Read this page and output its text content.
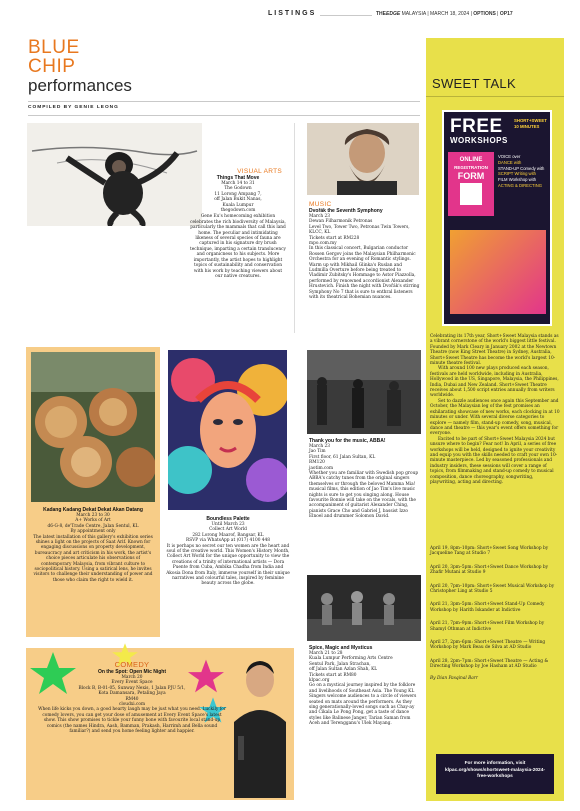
LISTINGS	THEEDGE MALAYSIA | MARCH 18, 2024 | OPTIONS | OP17
BLUE
CHIP
performances
COMPILED BY GENIE LEONG
VISUAL ARTS
Things That Move
March 14 to 31
The Godown
11 Lorong Ampang 7,
off Jalan Bukit Nanas,
Kuala Lumpur
thegodown.com

Gene Eu's homecoming exhibition celebrates the rich biodiversity of Malaysia, particularly the mammals that call this land home. The peculiar and intimidating likeness of several species of fauna are captured in his signature dry brush technique, imparting a certain translucency and organicness to his subjects. More importantly, the artist hopes to highlight topics of sustainability and conservation with his work by teaching viewers about our native creatures.

MUSIC
Dvořák the Seventh Symphony
March 23
Dewan Filharmonik Petronas
Level Two, Tower Two, Petronas Twin Towers,
KLCC, KL
Tickets start at RM228
mpo.com.my

In this classical concert, Bulgarian conductor Rossen Gergov joins the Malaysian Philharmonic Orchestra for an evening of Romantic stylings. Warm up with Mikhail Glinka's Ruslan and Ludmilla Overture before being treated to Vladimir Zubitsky's Hommage to Astor Piazzolla, performed by renowned accordionist Alexander Hrustevich. Finish the night with Dvořák's stirring Symphony No 7 that is sure to enthral listeners with its theatrical Bohemian nuances.

Kadang Kadang Dekat Dekat Akan Datang
March 23 to 30
A+ Works of Art
d6-G-8, de'Trade Centre, Jalan Sentul, KL
By appointment only

The latest installation of this gallery's exhibition series shines a light on the projects of Saat Arif. Known for engaging discussions on property development, bureaucracy and art criticism in his work, the artist's choice pieces articulate his observations of contemporary Malaysia, from vibrant culture to sociopolitical history. Using a satirical lens, he invites visitors to challenge their understanding of power and those who claim the right to wield it.

Boundless Palette
Until March 23
Collect Art World
282 Lorong Maarof, Bangsar, KL
RSVP via WhatsApp at (017) 4100 448

It is perhaps no secret our ten women are the heart and soul of the creative world. This Women's History Month, Collect Art World for the unique opportunity to view the creations of a trinity of international artists — Dora Puente from Cuba, Ambika Chadha from India and Akosia Dona from Italy, immerse yourself in their unique narratives and colourful tales, inspired by feminine beauty across the globe.

Thank you for the music, ABBA!
March 23
Jao Tim
First floor, 61 Jalan Sultan, KL
RM120
jaotim.com

Whether you are familiar with Swedish pop group ABBA's catchy tunes from the original singers themselves or through the beloved Mamma Mia! musical films, this edition of Jao Tim's live music nights is sure to get you singing along. House favourite Bonnie will take on the vocals, with the accompaniment of guitarist Alexander Ching, pianists Grace Cho and Gabriel J, bassist Izzo Elnoel and drummer Solomon David.

COMEDY
On the Spot: Open Mic Night
March 20
Every Event Space
Block B, B-01-05, Sunway Nexis, 1 Jalan PJU 5/1,
Kota Damansara, Petaling Jaya
RM40
cloudxi.com

When life kicks you down, a good hearty laugh may be just what you need. Luckily for comedy lovers, you can get your dose of amusement at Every Event Space's latest show. This show promises to tickle your funny bone with favourite local stand-up comics (the names Hindra, Aash, Bamman, Prakash, Harrimh and Bella sound familiar?) and send you home feeling lighter and happier.

Spice, Magic and Mysticus
March 21 to 28
Kuala Lumpur Performing Arts Centre
Sentul Park, Jalan Strachan,
off Jalan Sultan Azlan Shah, KL
Tickets start at RM80
klpac.org

Go on a mystical journey inspired by the folklore and livelihoods of Southeast Asia. The Young KL Singers welcome audiences to a circle of viewers seated on mats around the performers. As they sing generationally-loved songs such as Chay-ay and Cikala Le Pong Pong, get a taste of dance styles like Balinese Janger, Tarian Saman from Aceh and Terengganu's Ulek Mayang.

SWEET TALK
FREE
WORKSHOPS
SHORT+SWEET
10 MINUTES
ONLINE
REGISTRATION
FORM
VOICE over
DANCE with
STAND-UP Comedy with
SCRIPT Writing with
FILM Workshop with
ACTING & DIRECTING

Celebrating its 17th year, Short+Sweet Malaysia stands as a vibrant cornerstone of the world's biggest little festival. Founded by Mark Cleary in January 2002 at the Newtown Theatre (now King Street Theatre) in Sydney, Australia, Short+Sweet Theatre has become the world's largest 10-minute theatre festival.

With around 100 new plays produced each season, festivals are held worldwide, including in Australia, Hollywood in the US, Singapore, Malaysia, the Philippines, India, Dubai and New Zealand. Short+Sweet Theatre receives about 1,500 script entries annually from writers worldwide.

Set to dazzle audiences once again this September and October, the Malaysian leg of the fest promises an exhilarating showcase of new works, each clocking in at 10 minutes or under. With several diverse categories to explore — namely film, stand-up comedy, song, musical, dance and theatre — this year's event offers something for everyone.

Excited to be part of Short+Sweet Malaysia 2024 but unsure where to begin? Fear not! In April, a series of free workshops will be held, designed to ignite your creativity and equip you with the skills needed to craft your own 10-minute masterpiece. Led by seasoned professionals and industry insiders, these sessions will cover a range of topics, from filmmaking and stand-up comedy to musical composition, dance choreography, songwriting, playwriting, acting and directing.

April 19, 8pm–10pm: Short+Sweet Song Workshop by Jacqueline Tang at Studio 7
April 20, 3pm–5pm: Short+Sweet Dance Workshop by Zhafir Mutani at Studio 9
April 20, 7pm–10pm: Short+Sweet Musical Workshop by Christopher Ling at Studio 5
April 21, 3pm–5pm: Short+Sweet Stand-Up Comedy Workshop by Harith Iskander at Indictive
April 21, 7pm–9pm: Short+Sweet Film Workshop by Shamyl Othman at Indictive
April 27, 2pm–6pm: Short+Sweet Theatre — Writing Workshop by Mark Beau de Silva at AD Studio
April 28, 2pm–7pm: Short+Sweet Theatre — Acting & Directing Workshop by Joe Hasham at AD Studio
By Dian Pasqinal Barr
For more information, visit klpac.org/shows/shortsweet-malaysia-2024-free-workshops
